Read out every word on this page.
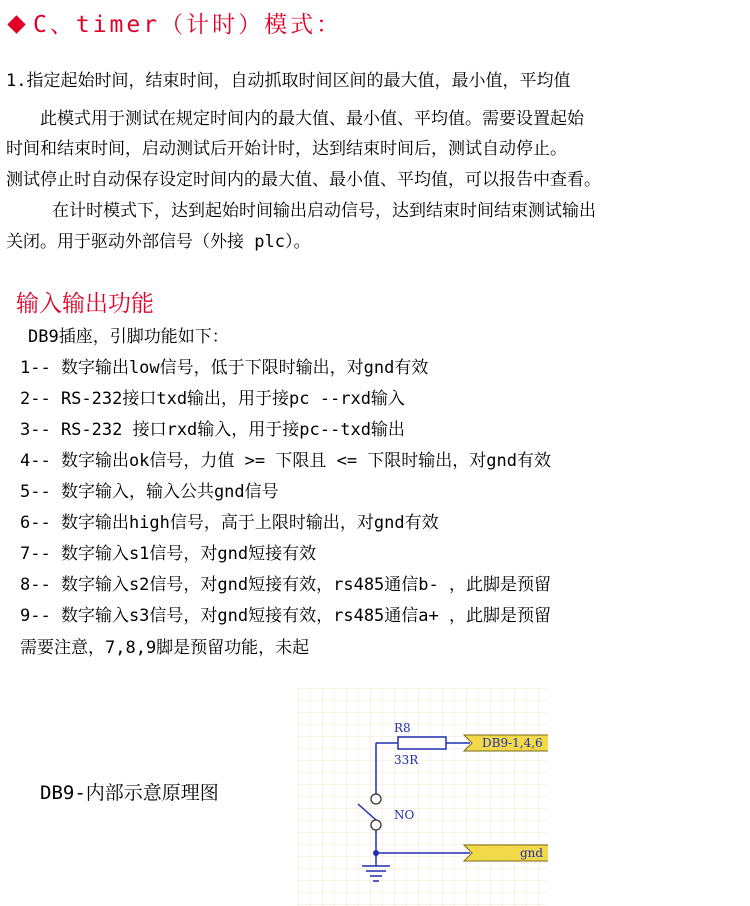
C、timer（计时）模式：
1.指定起始时间，结束时间，自动抓取时间区间的最大值，最小值，平均值
此模式用于测试在规定时间内的最大值、最小值、平均值。需要设置起始
时间和结束时间，启动测试后开始计时，达到结束时间后，测试自动停止。
测试停止时自动保存设定时间内的最大值、最小值、平均值，可以报告中查看。
在计时模式下，达到起始时间输出启动信号，达到结束时间结束测试输出
关闭。用于驱动外部信号（外接 plc）。
输入输出功能
DB9插座，引脚功能如下：
1-- 数字输出low信号，低于下限时输出，对gnd有效
2-- RS-232接口txd输出，用于接pc --rxd输入
3-- RS-232 接口rxd输入，用于接pc--txd输出
4-- 数字输出ok信号，力值 >= 下限且 <= 下限时输出，对gnd有效
5-- 数字输入，输入公共gnd信号
6-- 数字输出high信号，高于上限时输出，对gnd有效
7-- 数字输入s1信号，对gnd短接有效
8-- 数字输入s2信号，对gnd短接有效，rs485通信b- ，此脚是预留
9-- 数字输入s3信号，对gnd短接有效，rs485通信a+ ，此脚是预留
需要注意，7,8,9脚是预留功能，未起
DB9-内部示意原理图
R8
33R
DB9-1,4,6
NO
gnd
